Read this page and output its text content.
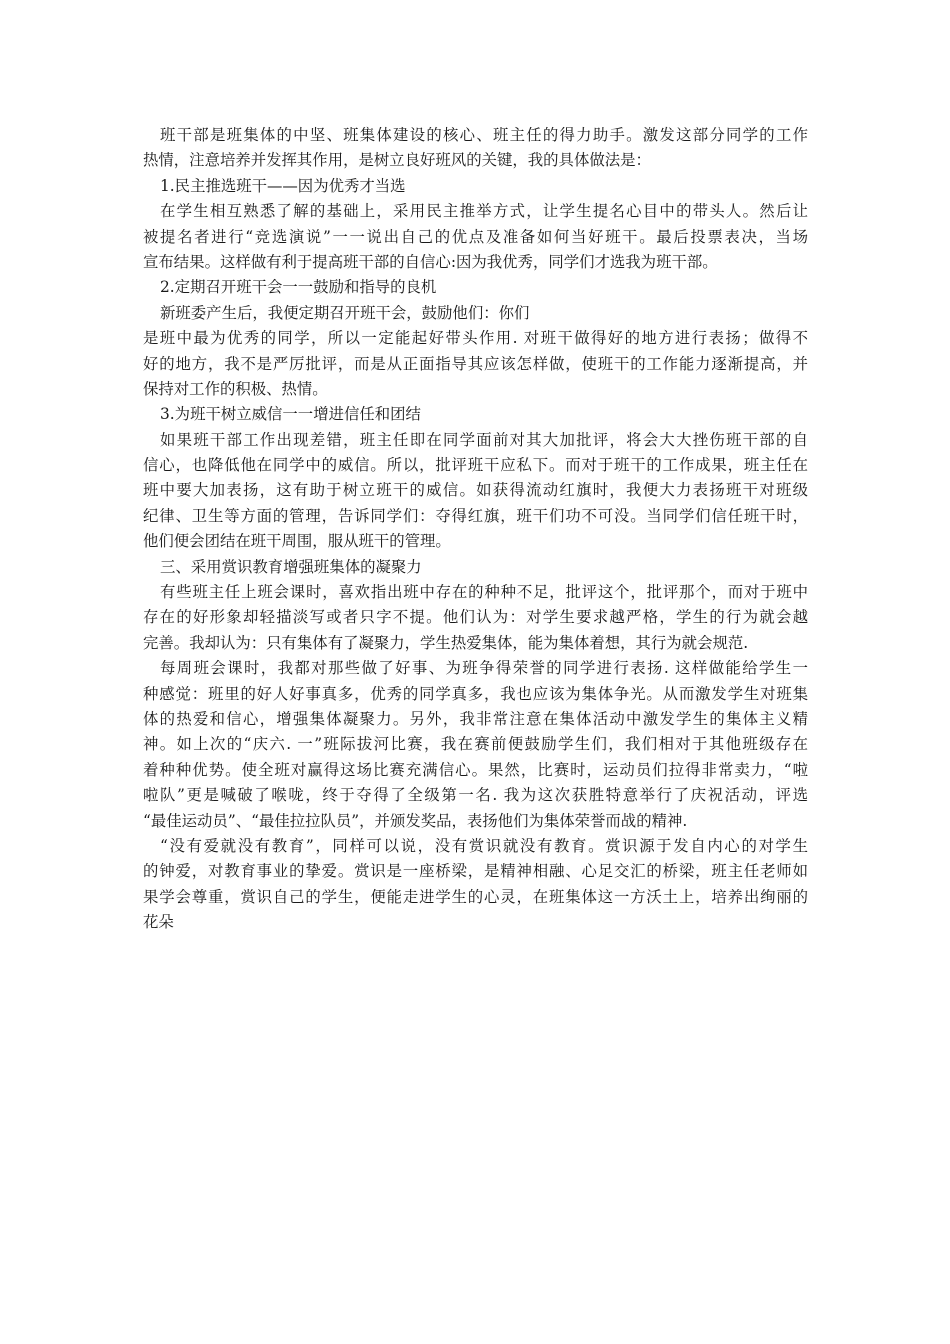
班干部是班集体的中坚、班集体建设的核心、班主任的得力助手。激发这部分同学的工作
热情，注意培养并发挥其作用，是树立良好班风的关键，我的具体做法是：
1.民主推选班干——因为优秀才当选
在学生相互熟悉了解的基础上，采用民主推举方式，让学生提名心目中的带头人。然后让
被提名者进行“竞选演说”一一说出自己的优点及准备如何当好班干。最后投票表决，当场
宣布结果。这样做有利于提高班干部的自信心:因为我优秀，同学们才选我为班干部。
2.定期召开班干会一一鼓励和指导的良机
新班委产生后，我便定期召开班干会，鼓励他们：你们
是班中最为优秀的同学，所以一定能起好带头作用. 对班干做得好的地方进行表扬；做得不
好的地方，我不是严厉批评，而是从正面指导其应该怎样做，使班干的工作能力逐渐提高，并
保持对工作的积极、热情。
3.为班干树立威信一一增进信任和团结
如果班干部工作出现差错，班主任即在同学面前对其大加批评，将会大大挫伤班干部的自
信心，也降低他在同学中的威信。所以，批评班干应私下。而对于班干的工作成果，班主任在
班中要大加表扬，这有助于树立班干的威信。如获得流动红旗时，我便大力表扬班干对班级
纪律、卫生等方面的管理，告诉同学们：夺得红旗，班干们功不可没。当同学们信任班干时，
他们便会团结在班干周围，服从班干的管理。
三、采用赏识教育增强班集体的凝聚力
有些班主任上班会课时，喜欢指出班中存在的种种不足，批评这个，批评那个，而对于班中
存在的好形象却轻描淡写或者只字不提。他们认为：对学生要求越严格，学生的行为就会越
完善。我却认为：只有集体有了凝聚力，学生热爱集体，能为集体着想，其行为就会规范.
每周班会课时，我都对那些做了好事、为班争得荣誉的同学进行表扬. 这样做能给学生一
种感觉：班里的好人好事真多，优秀的同学真多，我也应该为集体争光。从而激发学生对班集
体的热爱和信心，增强集体凝聚力。另外，我非常注意在集体活动中激发学生的集体主义精
神。如上次的“庆六. 一”班际拔河比赛，我在赛前便鼓励学生们，我们相对于其他班级存在
着种种优势。使全班对赢得这场比赛充满信心。果然，比赛时，运动员们拉得非常卖力，“啦
啦队”更是喊破了喉咙，终于夺得了全级第一名. 我为这次获胜特意举行了庆祝活动，评选
“最佳运动员”、“最佳拉拉队员”，并颁发奖品，表扬他们为集体荣誉而战的精神.
“没有爱就没有教育”，同样可以说，没有赏识就没有教育。赏识源于发自内心的对学生
的钟爱，对教育事业的挚爱。赏识是一座桥梁，是精神相融、心足交汇的桥梁，班主任老师如
果学会尊重，赏识自己的学生，便能走进学生的心灵，在班集体这一方沃土上，培养出绚丽的
花朵
